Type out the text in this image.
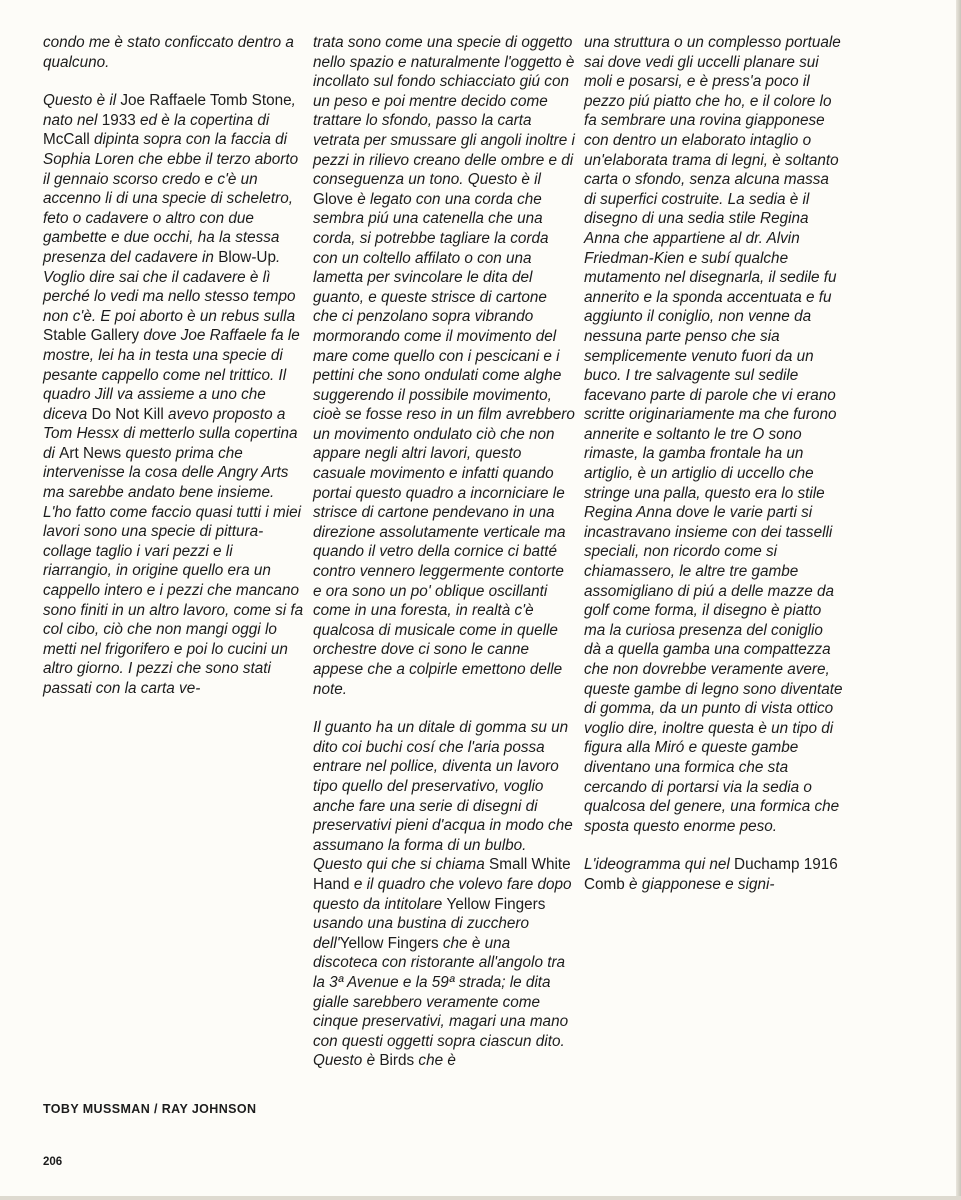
condo me è stato conficcato dentro a qualcuno.

Questo è il Joe Raffaele Tomb Stone, nato nel 1933 ed è la copertina di McCall dipinta sopra con la faccia di Sophia Loren che ebbe il terzo aborto il gennaio scorso credo e c'è un accenno li di una specie di scheletro, feto o cadavere o altro con due gambette e due occhi, ha la stessa presenza del cadavere in Blow-Up. Voglio dire sai che il cadavere è lì perché lo vedi ma nello stesso tempo non c'è. E poi aborto è un rebus sulla Stable Gallery dove Joe Raffaele fa le mostre, lei ha in testa una specie di pesante cappello come nel trittico. Il quadro Jill va assieme a uno che diceva Do Not Kill avevo proposto a Tom Hessx di metterlo sulla copertina di Art News questo prima che intervenisse la cosa delle Angry Arts ma sarebbe andato bene insieme. L'ho fatto come faccio quasi tutti i miei lavori sono una specie di pittura-collage taglio i vari pezzi e li riarrangio, in origine quello era un cappello intero e i pezzi che mancano sono finiti in un altro lavoro, come si fa col cibo, ciò che non mangi oggi lo metti nel frigorifero e poi lo cucini un altro giorno. I pezzi che sono stati passati con la carta ve-

trata sono come una specie di oggetto nello spazio e naturalmente l'oggetto è incollato sul fondo schiacciato giú con un peso e poi mentre decido come trattare lo sfondo, passo la carta vetrata per smussare gli angoli inoltre i pezzi in rilievo creano delle ombre e di conseguenza un tono. Questo è il Glove è legato con una corda che sembra piú una catenella che una corda, si potrebbe tagliare la corda con un coltello affilato o con una lametta per svincolare le dita del guanto, e queste strisce di cartone che ci penzolano sopra vibrando mormorando come il movimento del mare come quello con i pescicani e i pettini che sono ondulati come alghe suggerendo il possibile movimento, cioè se fosse reso in un film avrebbero un movimento ondulato ciò che non appare negli altri lavori, questo casuale movimento e infatti quando portai questo quadro a incorniciare le strisce di cartone pendevano in una direzione assolutamente verticale ma quando il vetro della cornice ci batté contro vennero leggermente contorte e ora sono un po' oblique oscillanti come in una foresta, in realtà c'è qualcosa di musicale come in quelle orchestre dove ci sono le canne appese che a colpirle emettono delle note.

Il guanto ha un ditale di gomma su un dito coi buchi cosí che l'aria possa entrare nel pollice, diventa un lavoro tipo quello del preservativo, voglio anche fare una serie di disegni di preservativi pieni d'acqua in modo che assumano la forma di un bulbo. Questo qui che si chiama Small White Hand e il quadro che volevo fare dopo questo da intitolare Yellow Fingers usando una bustina di zucchero dell'Yellow Fingers che è una discoteca con ristorante all'angolo tra la 3ª Avenue e la 59ª strada; le dita gialle sarebbero veramente come cinque preservativi, magari una mano con questi oggetti sopra ciascun dito. Questo è Birds che è

una struttura o un complesso portuale sai dove vedi gli uccelli planare sui moli e posarsi, e è press'a poco il pezzo piú piatto che ho, e il colore lo fa sembrare una rovina giapponese con dentro un elaborato intaglio o un'elaborata trama di legni, è soltanto carta o sfondo, senza alcuna massa di superfici costruite. La sedia è il disegno di una sedia stile Regina Anna che appartiene al dr. Alvin Friedman-Kien e subí qualche mutamento nel disegnarla, il sedile fu annerito e la sponda accentuata e fu aggiunto il coniglio, non venne da nessuna parte penso che sia semplicemente venuto fuori da un buco. I tre salvagente sul sedile facevano parte di parole che vi erano scritte originariamente ma che furono annerite e soltanto le tre O sono rimaste, la gamba frontale ha un artiglio, è un artiglio di uccello che stringe una palla, questo era lo stile Regina Anna dove le varie parti si incastravano insieme con dei tasselli speciali, non ricordo come si chiamassero, le altre tre gambe assomigliano di piú a delle mazze da golf come forma, il disegno è piatto ma la curiosa presenza del coniglio dà a quella gamba una compattezza che non dovrebbe veramente avere, queste gambe di legno sono diventate di gomma, da un punto di vista ottico voglio dire, inoltre questa è un tipo di figura alla Miró e queste gambe diventano una formica che sta cercando di portarsi via la sedia o qualcosa del genere, una formica che sposta questo enorme peso.

L'ideogramma qui nel Duchamp 1916 Comb è giapponese e signi-

TOBY MUSSMAN / RAY JOHNSON
206
